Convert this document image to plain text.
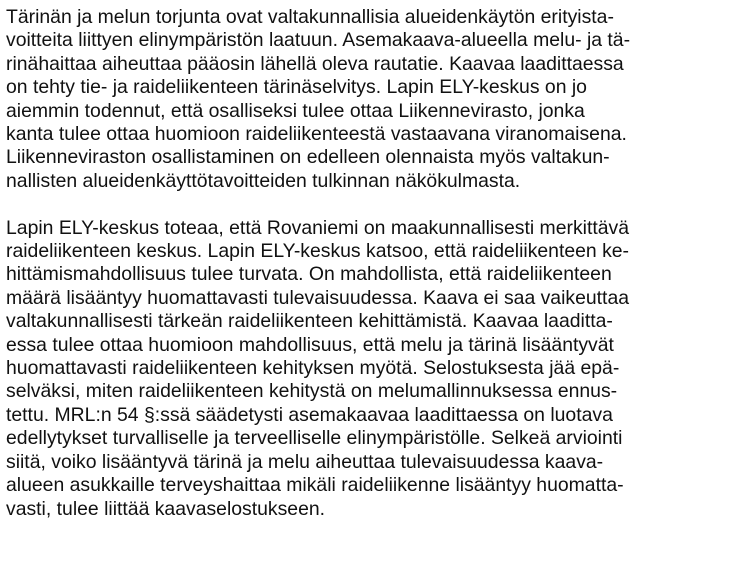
Tärinän ja melun torjunta ovat valtakunnallisia alueidenkäytön erityista-
voitteita liittyen elinympäristön laatuun. Asemakaava-alueella melu- ja tä-
rinähaittaa aiheuttaa pääosin lähellä oleva rautatie. Kaavaa laadittaessa
on tehty tie- ja raideliikenteen tärinäselvitys. Lapin ELY-keskus on jo
aiemmin todennut, että osalliseksi tulee ottaa Liikennevirasto, jonka
kanta tulee ottaa huomioon raideliikenteestä vastaavana viranomaisena.
Liikenneviraston osallistaminen on edelleen olennaista myös valtakun-
nallisten alueidenkäyttötavoitteiden tulkinnan näkökulmasta.
Lapin ELY-keskus toteaa, että Rovaniemi on maakunnallisesti merkittävä
raideliikenteen keskus. Lapin ELY-keskus katsoo, että raideliikenteen ke-
hittämismahdollisuus tulee turvata. On mahdollista, että raideliikenteen
määrä lisääntyy huomattavasti tulevaisuudessa. Kaava ei saa vaikeuttaa
valtakunnallisesti tärkeän raideliikenteen kehittämistä. Kaavaa laadittа-
essa tulee ottaa huomioon mahdollisuus, että melu ja tärinä lisääntyvät
huomattavasti raideliikenteen kehityksen myötä. Selostuksesta jää epä-
selväksi, miten raideliikenteen kehitystä on melumallinnuksessa ennus-
tettu. MRL:n 54 §:ssä säädetysti asemakaavaa laadittaessa on luotava
edellytykset turvalliselle ja terveelliselle elinympäristölle. Selkeä arviointi
siitä, voiko lisääntyvä tärinä ja melu aiheuttaa tulevaisuudessa kaava-
alueen asukkaille terveyshaittaa mikäli raideliikenne lisääntyy huomatta-
vasti, tulee liittää kaavaselostukseen.
